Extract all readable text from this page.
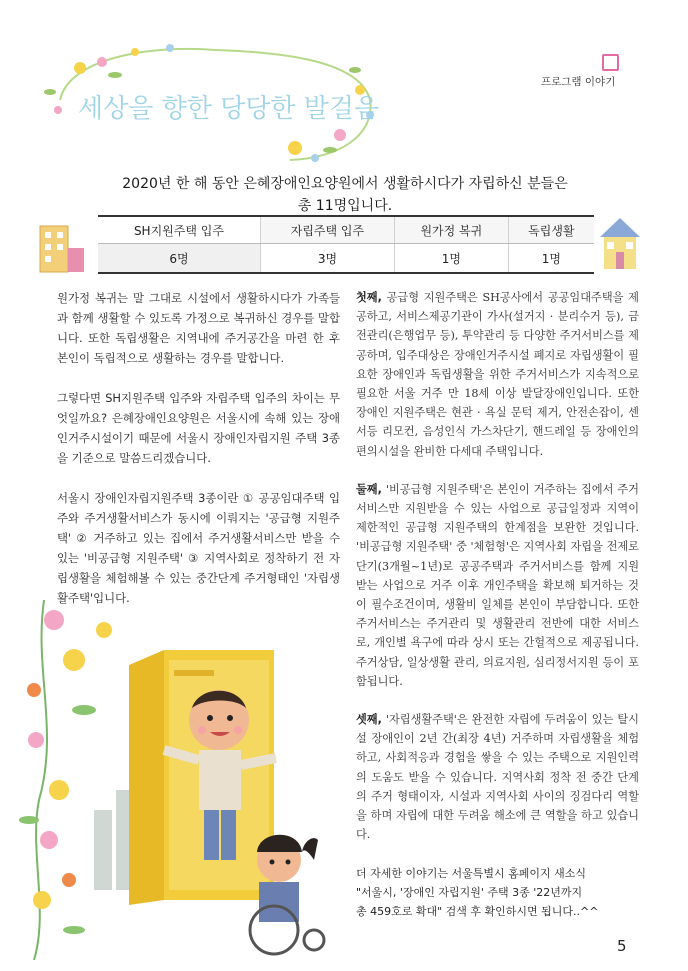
세상을 향한 당당한 발걸음
프로그램 이야기
2020년 한 해 동안 은혜장애인요양원에서 생활하시다가 자립하신 분들은
총 11명입니다.
SH지원주택 입주	자립주택 입주	원가정 복귀	독립생활
6명	3명	1명	1명

원가정 복귀는 말 그대로 시설에서 생활하시다가 가족들과 함께 생활할 수 있도록 가정으로 복귀하신 경우를 말합니다. 또한 독립생활은 지역내에 주거공간을 마련 한 후 본인이 독립적으로 생활하는 경우를 말합니다.

그렇다면 SH지원주택 입주와 자립주택 입주의 차이는 무엇일까요? 은혜장애인요양원은 서울시에 속해 있는 장애인거주시설이기 때문에 서울시 장애인자립지원 주택 3종을 기준으로 말씀드리겠습니다.

서울시 장애인자립지원주택 3종이란 ① 공공임대주택 입주와 주거생활서비스가 동시에 이뤄지는 '공급형 지원주택' ② 거주하고 있는 집에서 주거생활서비스만 받을 수 있는 '비공급형 지원주택' ③ 지역사회로 정착하기 전 자립생활을 체험해볼 수 있는 중간단계 주거형태인 '자립생활주택'입니다.

첫째, 공급형 지원주택은 SH공사에서 공공임대주택을 제공하고, 서비스제공기관이 가사(설거지 · 분리수거 등), 금전관리(은행업무 등), 투약관리 등 다양한 주거서비스를 제공하며, 입주대상은 장애인거주시설 폐지로 자립생활이 필요한 장애인과 독립생활을 위한 주거서비스가 지속적으로 필요한 서울 거주 만 18세 이상 발달장애인입니다. 또한 장애인 지원주택은 현관 · 욕실 문턱 제거, 안전손잡이, 센서등 리모컨, 음성인식 가스차단기, 핸드레일 등 장애인의 편의시설을 완비한 다세대 주택입니다.

둘째, '비공급형 지원주택'은 본인이 거주하는 집에서 주거서비스만 지원받을 수 있는 사업으로 공급일정과 지역이 제한적인 공급형 지원주택의 한계점을 보완한 것입니다. '비공급형 지원주택' 중 '체험형'은 지역사회 자립을 전제로 단기(3개월~1년)로 공공주택과 주거서비스를 함께 지원받는 사업으로 거주 이후 개인주택을 확보해 퇴거하는 것이 필수조건이며, 생활비 일체를 본인이 부담합니다. 또한 주거서비스는 주거관리 및 생활관리 전반에 대한 서비스로, 개인별 욕구에 따라 상시 또는 간헐적으로 제공됩니다. 주거상담, 일상생활 관리, 의료지원, 심리정서지원 등이 포함됩니다.

셋째, '자립생활주택'은 완전한 자립에 두려움이 있는 탈시설 장애인이 2년 간(최장 4년) 거주하며 자립생활을 체험하고, 사회적응과 경험을 쌓을 수 있는 주택으로 지원인력의 도움도 받을 수 있습니다. 지역사회 정착 전 중간 단계의 주거 형태이자, 시설과 지역사회 사이의 징검다리 역할을 하며 자립에 대한 두려움 해소에 큰 역할을 하고 있습니다.

더 자세한 이야기는 서울특별시 홈페이지 새소식
"서울시, '장애인 자립지원' 주택 3종 '22년까지
총 459호로 확대" 검색 후 확인하시면 됩니다..^^
5
